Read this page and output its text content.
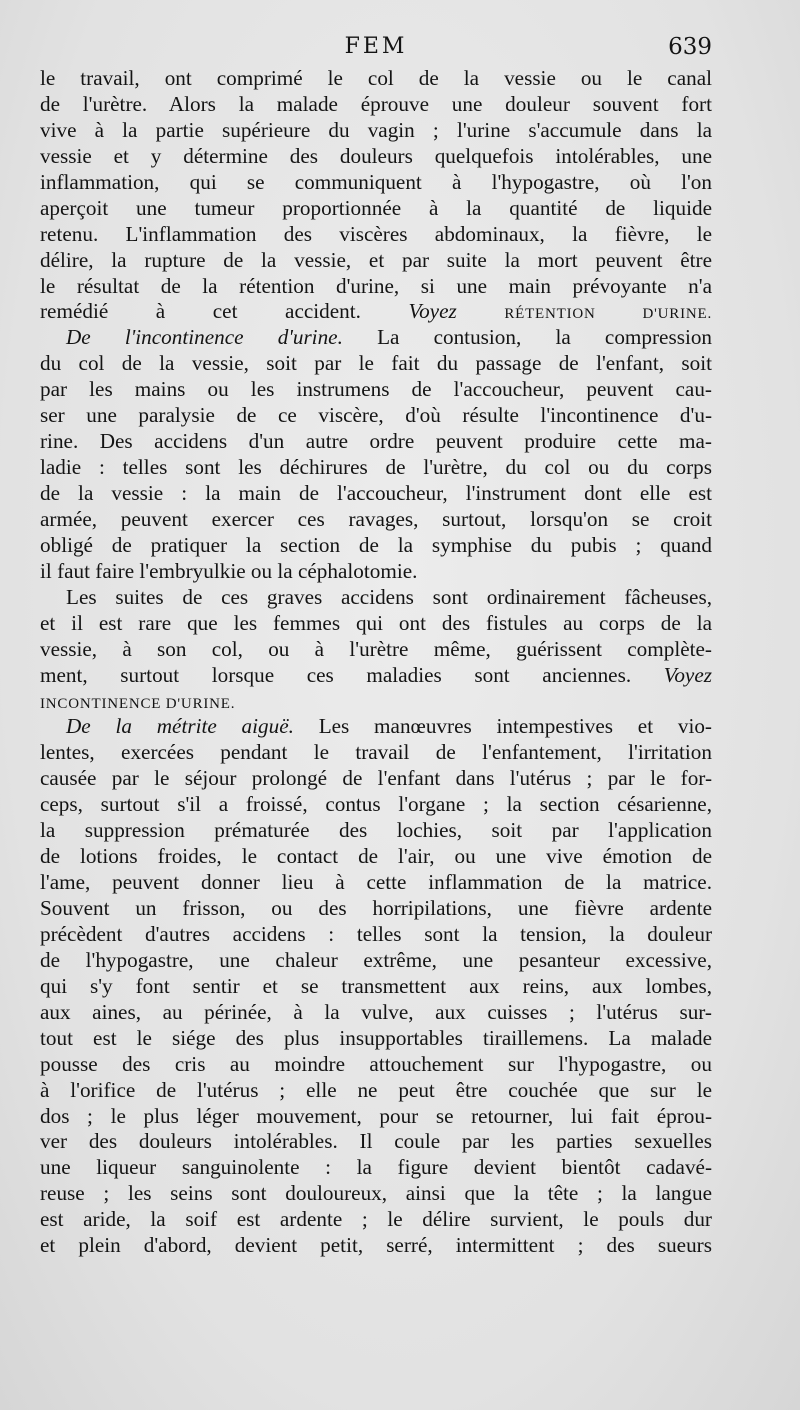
FEM	639
le travail, ont comprimé le col de la vessie ou le canal
de l'urètre. Alors la malade éprouve une douleur souvent fort
vive à la partie supérieure du vagin ; l'urine s'accumule dans la
vessie et y détermine des douleurs quelquefois intolérables, une
inflammation, qui se communiquent à l'hypogastre, où l'on
aperçoit une tumeur proportionnée à la quantité de liquide
retenu. L'inflammation des viscères abdominaux, la fièvre, le
délire, la rupture de la vessie, et par suite la mort peuvent être
le résultat de la rétention d'urine, si une main prévoyante n'a
remédié à cet accident. Voyez	RÉTENTION D'URINE.
De l'incontinence d'urine. La contusion, la compression
du col de la vessie, soit par le fait du passage de l'enfant, soit
par les mains ou les instrumens de l'accoucheur, peuvent cau-
ser une paralysie de ce viscère, d'où résulte l'incontinence d'u-
rine. Des accidens d'un autre ordre peuvent produire cette ma-
ladie : telles sont les déchirures de l'urètre, du col ou du corps
de la vessie : la main de l'accoucheur, l'instrument dont elle est
armée, peuvent exercer ces ravages, surtout, lorsqu'on se croit
obligé de pratiquer la section de la symphise du pubis ; quand
il faut faire l'embryulkie ou la céphalotomie.
Les suites de ces graves accidens sont ordinairement fâcheuses,
et il est rare que les femmes qui ont des fistules au corps de la
vessie, à son col, ou à l'urètre même, guérissent complète-
ment, surtout lorsque ces maladies sont anciennes. Voyez
INCONTINENCE D'URINE.
De la métrite aiguë. Les manœuvres intempestives et vio-
lentes, exercées pendant le travail de l'enfantement, l'irritation
causée par le séjour prolongé de l'enfant dans l'utérus ; par le for-
ceps, surtout s'il a froissé, contus l'organe ; la section césarienne,
la suppression prématurée des lochies, soit par l'application
de lotions froides, le contact de l'air, ou une vive émotion de
l'ame, peuvent donner lieu à cette inflammation de la matrice.
Souvent un frisson, ou des horripilations, une fièvre ardente
précèdent d'autres accidens : telles sont la tension, la douleur
de l'hypogastre, une chaleur extrême, une pesanteur excessive,
qui s'y font sentir et se transmettent aux reins, aux lombes,
aux aines, au périnée, à la vulve, aux cuisses ; l'utérus sur-
tout est le siége des plus insupportables tiraillemens. La malade
pousse des cris au moindre attouchement sur l'hypogastre, ou
à l'orifice de l'utérus ; elle ne peut être couchée que sur le
dos ; le plus léger mouvement, pour se retourner, lui fait éprou-
ver des douleurs intolérables. Il coule par les parties sexuelles
une liqueur sanguinolente : la figure devient bientôt cadavé-
reuse ; les seins sont douloureux, ainsi que la tête ; la langue
est aride, la soif est ardente ; le délire survient, le pouls dur
et plein d'abord, devient petit, serré, intermittent ; des sueurs
